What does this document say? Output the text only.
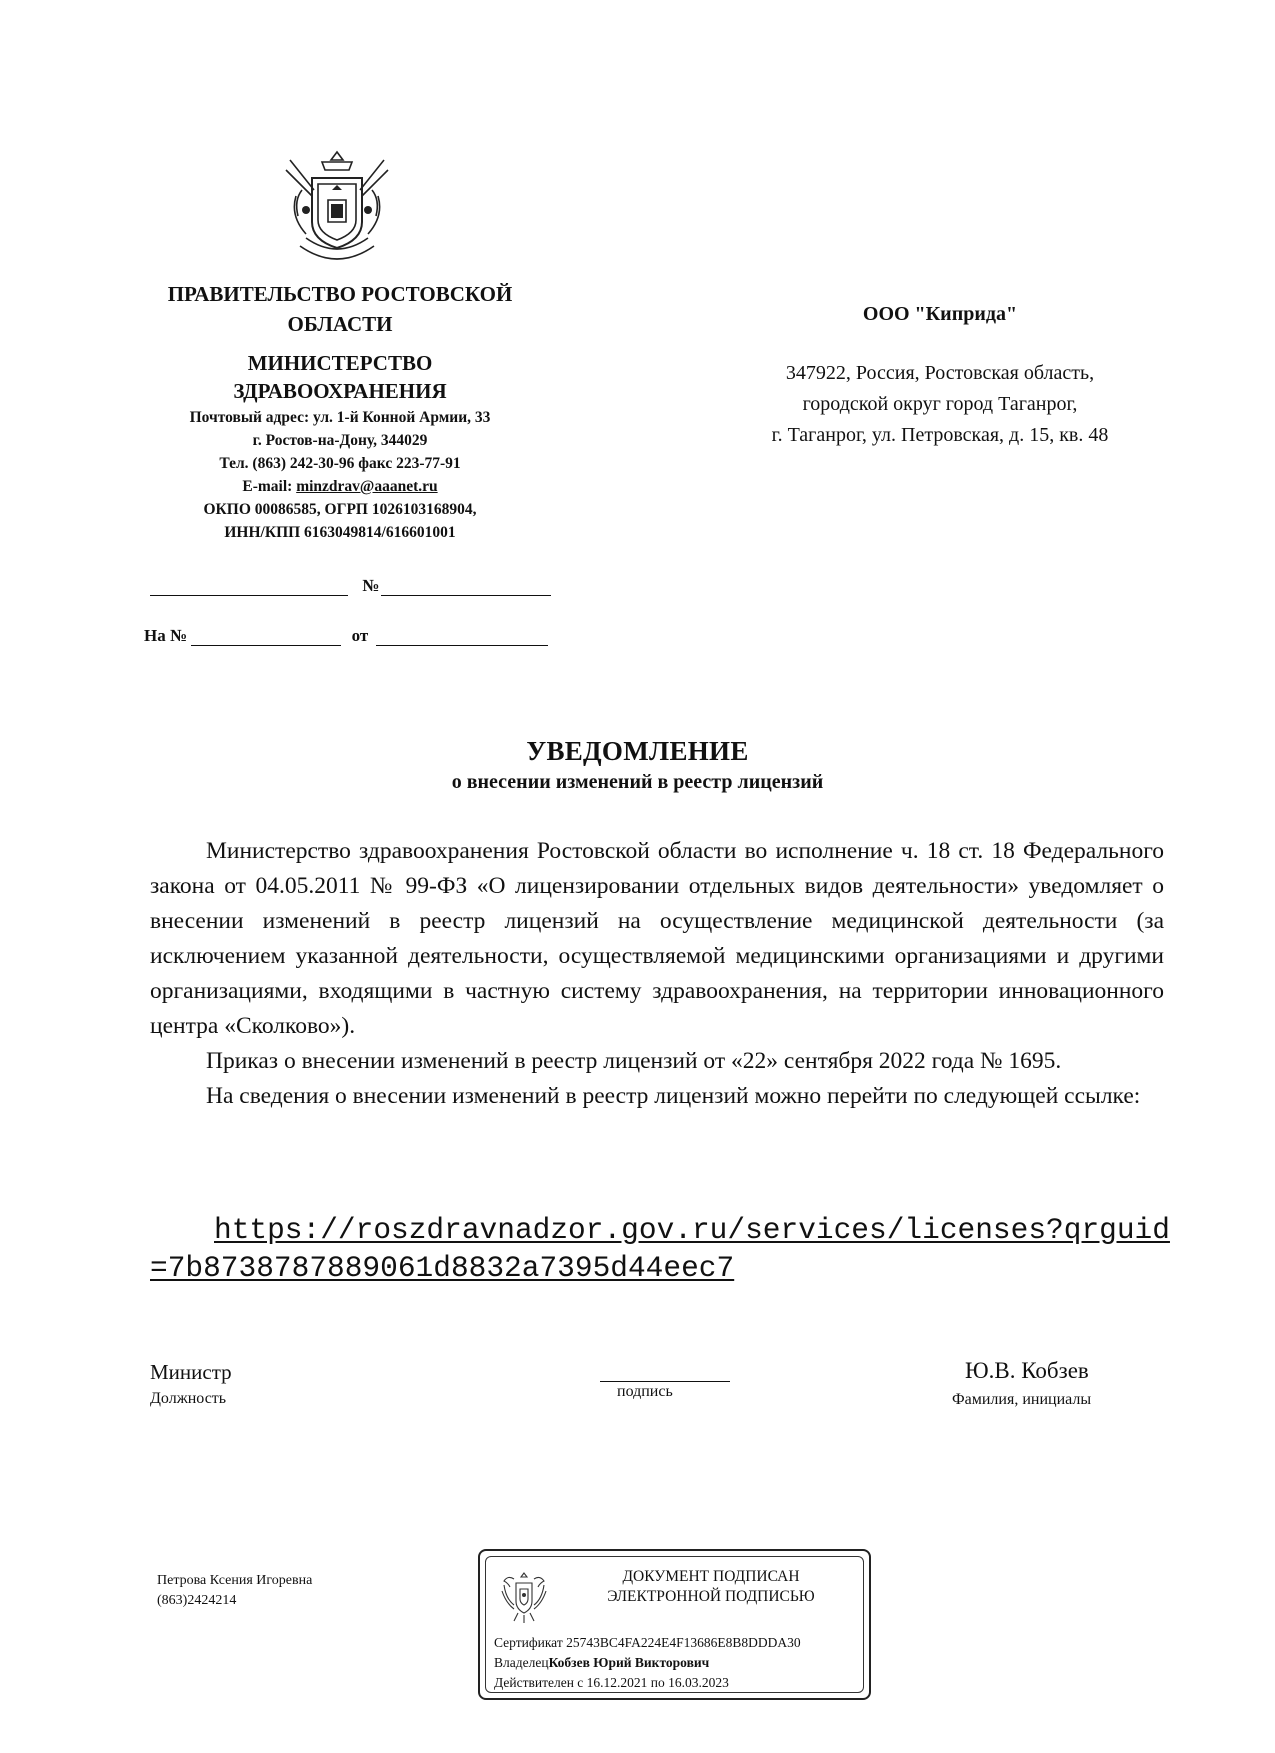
ПРАВИТЕЛЬСТВО РОСТОВСКОЙ
ОБЛАСТИ
МИНИСТЕРСТВО
ЗДРАВООХРАНЕНИЯ
Почтовый адрес: ул. 1-й Конной Армии, 33
г. Ростов-на-Дону, 344029
Тел. (863) 242-30-96 факс 223-77-91
E-mail: minzdrav@aaanet.ru
ОКПО 00086585, ОГРП 1026103168904,
ИНН/КПП 6163049814/616601001
№
На №	от
ООО "Киприда"
347922, Россия, Ростовская область,
городской округ город Таганрог,
г. Таганрог, ул. Петровская, д. 15, кв. 48
УВЕДОМЛЕНИЕ
о внесении изменений в реестр лицензий

Министерство здравоохранения Ростовской области во исполнение ч. 18 ст. 18 Федерального закона от 04.05.2011 № 99-ФЗ «О лицензировании отдельных видов деятельности» уведомляет о внесении изменений в реестр лицензий на осуществление медицинской деятельности (за исключением указанной деятельности, осуществляемой медицинскими организациями и другими организациями, входящими в частную систему здравоохранения, на территории инновационного центра «Сколково»).

Приказ о внесении изменений в реестр лицензий от «22» сентября 2022 года № 1695.

На сведения о внесении изменений в реестр лицензий можно перейти по следующей ссылке:

https://roszdravnadzor.gov.ru/services/licenses?qrguid=7b8738787889061d8832a7395d44eec7
Министр
Должность	подпись
Ю.В. Кобзев
Фамилия, инициалы
Петрова Ксения Игоревна
(863)2424214
ДОКУМЕНТ ПОДПИСАН
ЭЛЕКТРОННОЙ ПОДПИСЬЮ
Сертификат 25743BC4FA224E4F13686E8B8DDDA30
ВладелецКобзев Юрий Викторович
Действителен с 16.12.2021 по 16.03.2023
